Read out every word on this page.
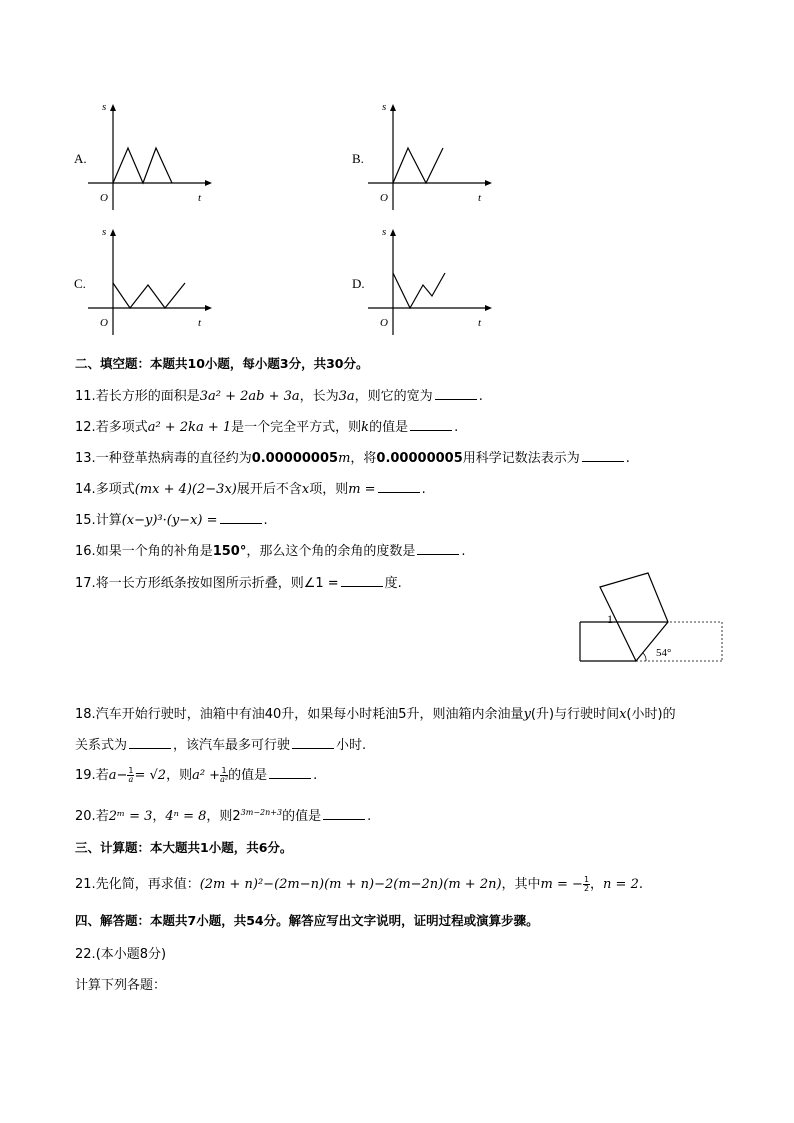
A.
s
t
O
B.
s
t
O
C.
s
t
O
D.
s
t
O
二、填空题：本题共10小题，每小题3分，共30分。
11.若长方形的面积是3a² + 2ab + 3a，长为3a，则它的宽为	.
12.若多项式a² + 2ka + 1是一个完全平方式，则k的值是	.
13.一种登革热病毒的直径约为0.00000005m，将0.00000005用科学记数法表示为	.
14.多项式(mx + 4)(2−3x)展开后不含x项，则m =	.
15.计算(x−y)³·(y−x) =	.
16.如果一个角的补角是150°，那么这个角的余角的度数是	.
17.将一长方形纸条按如图所示折叠，则∠1 =	度.
1
54°
18.汽车开始行驶时，油箱中有油40升，如果每小时耗油5升，则油箱内余油量y(升)与行驶时间x(小时)的
关系式为	，该汽车最多可行驶	小时.
19.若$a- \frac{1}{a} = √2$，则$a^2 + \frac{1}{\text{a²}}$ 的值是	.
20.若2ᵐ = 3，4ⁿ = 8，则$2^{3m-2n+3}$的值是	.
三、计算题：本大题共1小题，共6分。
21.先化简，再求值：(2m + n)²−(2m−n)(m + n)−2(m−2n)(m + 2n)，其中m = − $\frac{1}{2}$ ，n = 2.
四、解答题：本题共7小题，共54分。解答应写出文字说明，证明过程或演算步骤。
22.(本小题8分)
计算下列各题：
